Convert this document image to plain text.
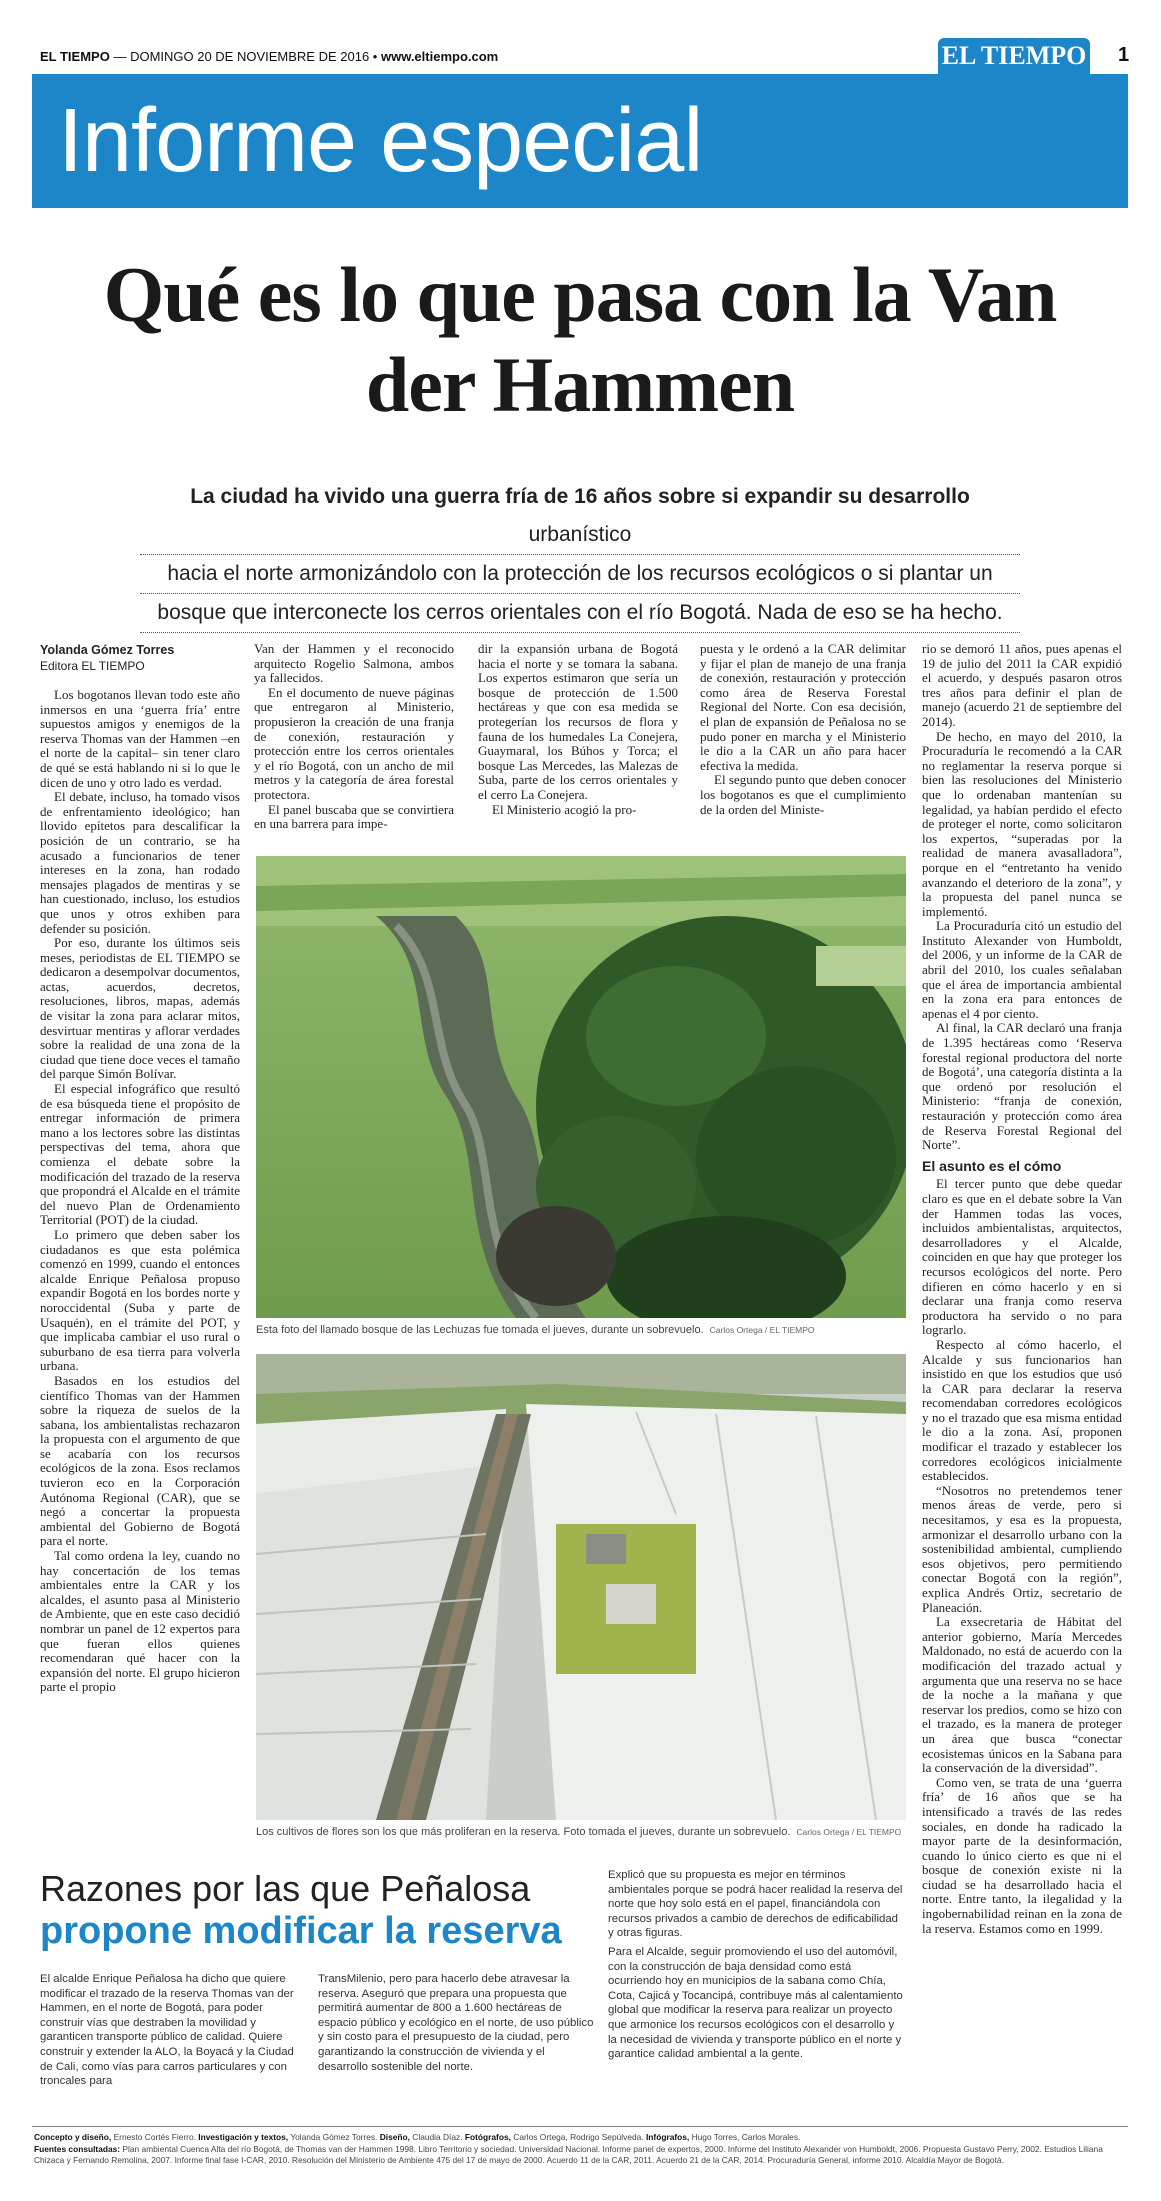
EL TIEMPO — DOMINGO 20 DE NOVIEMBRE DE 2016 • www.eltiempo.com	EL TIEMPO 1
Informe especial
Qué es lo que pasa con la Van der Hammen
La ciudad ha vivido una guerra fría de 16 años sobre si expandir su desarrollo urbanístico
hacia el norte armonizándolo con la protección de los recursos ecológicos o si plantar un
bosque que interconecte los cerros orientales con el río Bogotá. Nada de eso se ha hecho.

Yolanda Gómez Torres
Editora EL TIEMPO

Los bogotanos llevan todo este año inmersos en una ‘guerra fría’ entre supuestos amigos y enemigos de la reserva Thomas van der Hammen –en el norte de la capital– sin tener claro de qué se está hablando ni si lo que le dicen de uno y otro lado es verdad.

El debate, incluso, ha tomado visos de enfrentamiento ideológico; han llovido epítetos para descalificar la posición de un contrario, se ha acusado a funcionarios de tener intereses en la zona, han rodado mensajes plagados de mentiras y se han cuestionado, incluso, los estudios que unos y otros exhiben para defender su posición.

Por eso, durante los últimos seis meses, periodistas de EL TIEMPO se dedicaron a desempolvar documentos, actas, acuerdos, decretos, resoluciones, libros, mapas, además de visitar la zona para aclarar mitos, desvirtuar mentiras y aflorar verdades sobre la realidad de una zona de la ciudad que tiene doce veces el tamaño del parque Simón Bolívar.

El especial infográfico que resultó de esa búsqueda tiene el propósito de entregar información de primera mano a los lectores sobre las distintas perspectivas del tema, ahora que comienza el debate sobre la modificación del trazado de la reserva que propondrá el Alcalde en el trámite del nuevo Plan de Ordenamiento Territorial (POT) de la ciudad.

Lo primero que deben saber los ciudadanos es que esta polémica comenzó en 1999, cuando el entonces alcalde Enrique Peñalosa propuso expandir Bogotá en los bordes norte y noroccidental (Suba y parte de Usaquén), en el trámite del POT, y que implicaba cambiar el uso rural o suburbano de esa tierra para volverla urbana.

Basados en los estudios del científico Thomas van der Hammen sobre la riqueza de suelos de la sabana, los ambientalistas rechazaron la propuesta con el argumento de que se acabaría con los recursos ecológicos de la zona. Esos reclamos tuvieron eco en la Corporación Autónoma Regional (CAR), que se negó a concertar la propuesta ambiental del Gobierno de Bogotá para el norte.

Tal como ordena la ley, cuando no hay concertación de los temas ambientales entre la CAR y los alcaldes, el asunto pasa al Ministerio de Ambiente, que en este caso decidió nombrar un panel de 12 expertos para que fueran ellos quienes recomendaran qué hacer con la expansión del norte. El grupo hicieron parte el propio

Van der Hammen y el reconocido arquitecto Rogelio Salmona, ambos ya fallecidos.

En el documento de nueve páginas que entregaron al Ministerio, propusieron la creación de una franja de conexión, restauración y protección entre los cerros orientales y el río Bogotá, con un ancho de mil metros y la categoría de área forestal protectora.

El panel buscaba que se convirtiera en una barrera para impe-

dir la expansión urbana de Bogotá hacia el norte y se tomara la sabana. Los expertos estimaron que sería un bosque de protección de 1.500 hectáreas y que con esa medida se protegerían los recursos de flora y fauna de los humedales La Conejera, Guaymaral, los Búhos y Torca; el bosque Las Mercedes, las Malezas de Suba, parte de los cerros orientales y el cerro La Conejera.

El Ministerio acogió la pro-

puesta y le ordenó a la CAR delimitar y fijar el plan de manejo de una franja de conexión, restauración y protección como área de Reserva Forestal Regional del Norte. Con esa decisión, el plan de expansión de Peñalosa no se pudo poner en marcha y el Ministerio le dio a la CAR un año para hacer efectiva la medida.

El segundo punto que deben conocer los bogotanos es que el cumplimiento de la orden del Ministe-

rio se demoró 11 años, pues apenas el 19 de julio del 2011 la CAR expidió el acuerdo, y después pasaron otros tres años para definir el plan de manejo (acuerdo 21 de septiembre del 2014).

De hecho, en mayo del 2010, la Procuraduría le recomendó a la CAR no reglamentar la reserva porque si bien las resoluciones del Ministerio que lo ordenaban mantenían su legalidad, ya habían perdido el efecto de proteger el norte, como solicitaron los expertos, “superadas por la realidad de manera avasalladora”, porque en el “entretanto ha venido avanzando el deterioro de la zona”, y la propuesta del panel nunca se implementó.

La Procuraduría citó un estudio del Instituto Alexander von Humboldt, del 2006, y un informe de la CAR de abril del 2010, los cuales señalaban que el área de importancia ambiental en la zona era para entonces de apenas el 4 por ciento.

Al final, la CAR declaró una franja de 1.395 hectáreas como ‘Reserva forestal regional productora del norte de Bogotá’, una categoría distinta a la que ordenó por resolución el Ministerio: “franja de conexión, restauración y protección como área de Reserva Forestal Regional del Norte”.

El asunto es el cómo

El tercer punto que debe quedar claro es que en el debate sobre la Van der Hammen todas las voces, incluidos ambientalistas, arquitectos, desarrolladores y el Alcalde, coinciden en que hay que proteger los recursos ecológicos del norte. Pero difieren en cómo hacerlo y en si declarar una franja como reserva productora ha servido o no para lograrlo.

Respecto al cómo hacerlo, el Alcalde y sus funcionarios han insistido en que los estudios que usó la CAR para declarar la reserva recomendaban corredores ecológicos y no el trazado que esa misma entidad le dio a la zona. Así, proponen modificar el trazado y establecer los corredores ecológicos inicialmente establecidos.

“Nosotros no pretendemos tener menos áreas de verde, pero si necesitamos, y esa es la propuesta, armonizar el desarrollo urbano con la sostenibilidad ambiental, cumpliendo esos objetivos, pero permitiendo conectar Bogotá con la región”, explica Andrés Ortiz, secretario de Planeación.

La exsecretaria de Hábitat del anterior gobierno, María Mercedes Maldonado, no está de acuerdo con la modificación del trazado actual y argumenta que una reserva no se hace de la noche a la mañana y que reservar los predios, como se hizo con el trazado, es la manera de proteger un área que busca “conectar ecosistemas únicos en la Sabana para la conservación de la diversidad”.

Como ven, se trata de una ‘guerra fría’ de 16 años que se ha intensificado a través de las redes sociales, en donde ha radicado la mayor parte de la desinformación, cuando lo único cierto es que ni el bosque de conexión existe ni la ciudad se ha desarrollado hacia el norte. Entre tanto, la ilegalidad y la ingobernabilidad reinan en la zona de la reserva. Estamos como en 1999.

Esta foto del llamado bosque de las Lechuzas fue tomada el jueves, durante un sobrevuelo. Carlos Ortega / EL TIEMPO
Los cultivos de flores son los que más proliferan en la reserva. Foto tomada el jueves, durante un sobrevuelo. Carlos Ortega / EL TIEMPO
Razones por las que Peñalosa
propone modificar la reserva

El alcalde Enrique Peñalosa ha dicho que quiere modificar el trazado de la reserva Thomas van der Hammen, en el norte de Bogotá, para poder construir vías que destraben la movilidad y garanticen transporte público de calidad. Quiere construir y extender la ALO, la Boyacá y la Ciudad de Cali, como vías para carros particulares y con troncales para

TransMilenio, pero para hacerlo debe atravesar la reserva. Aseguró que prepara una propuesta que permitirá aumentar de 800 a 1.600 hectáreas de espacio público y ecológico en el norte, de uso público y sin costo para el presupuesto de la ciudad, pero garantizando la construcción de vivienda y el desarrollo sostenible del norte.

Explicó que su propuesta es mejor en términos ambientales porque se podrá hacer realidad la reserva del norte que hoy solo está en el papel, financiándola con recursos privados a cambio de derechos de edificabilidad y otras figuras.

Para el Alcalde, seguir promoviendo el uso del automóvil, con la construcción de baja densidad como está ocurriendo hoy en municipios de la sabana como Chía, Cota, Cajicá y Tocancipá, contribuye más al calentamiento global que modificar la reserva para realizar un proyecto que armonice los recursos ecológicos con el desarrollo y la necesidad de vivienda y transporte público en el norte y garantice calidad ambiental a la gente.

Concepto y diseño, Ernesto Cortés Fierro. Investigación y textos, Yolanda Gómez Torres. Diseño, Claudia Díaz. Fotógrafos, Carlos Ortega, Rodrigo Sepúlveda. Infógrafos, Hugo Torres, Carlos Morales.
Fuentes consultadas: Plan ambiental Cuenca Alta del río Bogotá, de Thomas van der Hammen 1998. Libro Territorio y sociedad. Universidad Nacional. Informe panel de expertos, 2000. Informe del Instituto Alexander von Humboldt, 2006. Propuesta Gustavo Perry, 2002. Estudios Liliana Chizaca y Fernando Remolina, 2007. Informe final fase I-CAR, 2010. Resolución del Ministerio de Ambiente 475 del 17 de mayo de 2000. Acuerdo 11 de la CAR, 2011. Acuerdo 21 de la CAR, 2014. Procuraduría General, informe 2010. Alcaldía Mayor de Bogotá.
